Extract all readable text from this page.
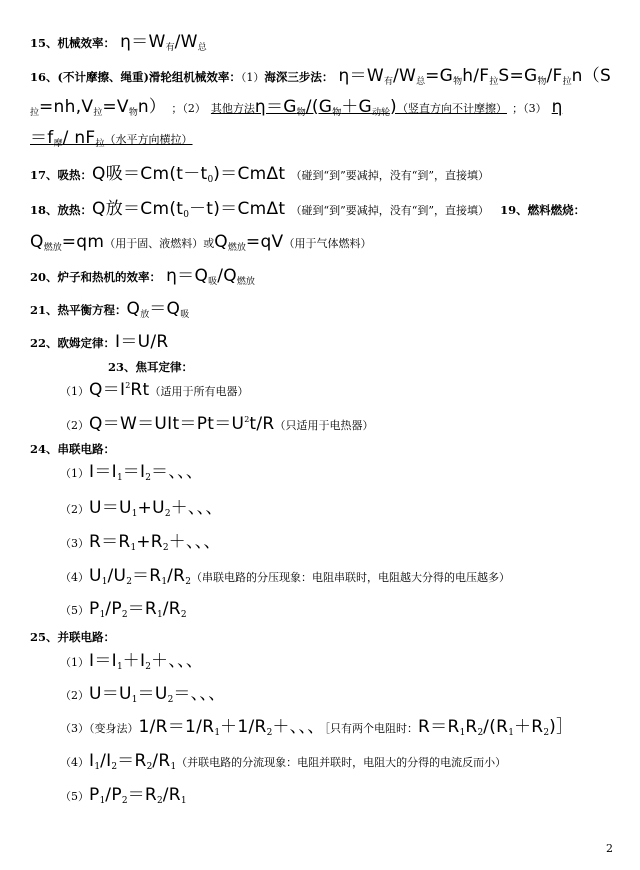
15、机械效率： $\eta=W_有/W_总$
16、(不计摩擦、绳重)滑轮组机械效率：（1）海深三步法： $\eta=W_有/W_总=G_物h/F_拉S=G_物/F_拉n(S$
$_拉=nh,V_拉=V_物n$） ；（2） 其他方法$\eta=G_物/(G_物+G_{动轮})$（竖直方向不计摩擦） ；（3） η
$=f_摩/$ $nF_拉$（水平方向横拉）
17、吸热：Q吸$=Cm(t-t_0)=Cm\Delta t$ （碰到“到”要减掉，没有“到”，直接填）
18、放热：Q放$=Cm(t_0-t)=Cm\Delta t$ （碰到“到”要减掉，没有“到”，直接填） 19、燃料燃烧：
$Q_{燃放}=qm$（用于固、液燃料）或$Q_{燃放}=qV$（用于气体燃料）
20、炉子和热机的效率： $\eta=Q_吸/Q_{燃放}$
21、热平衡方程：$Q_放=Q_吸$
22、欧姆定律：I＝U/R
23、焦耳定律：
$(1)Q=I^2Rt$（适用于所有电器）
$(2)Q=W=UIt=Pt=U^2t/R$（只适用于电热器）
24、串联电路：
$(1)I=I_1=I_2=$、、、
$(2)U=U_1+U_2+$、、、
$(3)R=R_1+R_2+$、、、
$(4)U_1/U_2=R_1/R_2$（串联电路的分压现象：电阻串联时，电阻越大分得的电压越多）
$(5)P_1/P_2=R_1/R_2$
25、并联电路：
$(1)I=I_1+I_2+$、、、
$(2)U=U_1=U_2=$、、、
（3）（变身法）$1/R=1/R_1+1/R_2+$、、、［只有两个电阻时：$R=R_1R_2/(R_1+R_2)]$
$(4)I_1/I_2=R_2/R_1$（并联电路的分流现象：电阻并联时，电阻大的分得的电流反而小）
$(5)P_1/P_2=R_2/R_1$
2
